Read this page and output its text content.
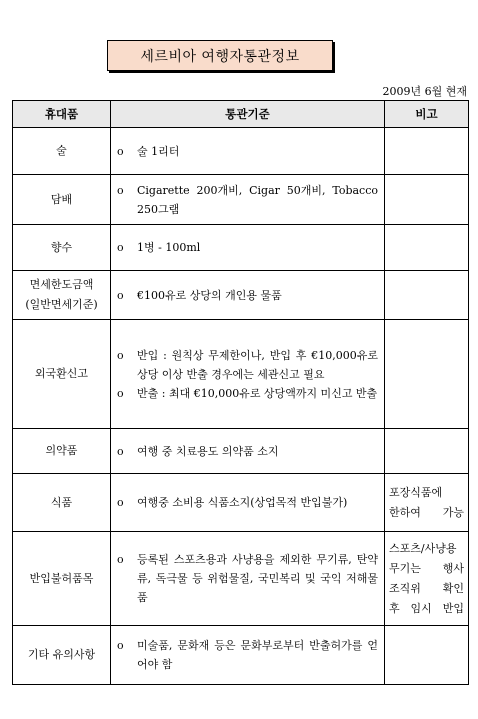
세르비아 여행자통관정보
2009년 6월 현재
휴대품	통관기준	비고

술	o 술 1리터	

담배	o Cigarette 200개비, Cigar 50개비, Tobacco 250그램	

향수	o 1병 - 100ml	

면세한도금액
(일반면세기준)	o €100유로 상당의 개인용 물품	

외국환신고	o 반입 : 원칙상 무제한이나, 반입 후 €10,000유로 상당 이상 반출 경우에는 세관신고 필요
o 반출 : 최대 €10,000유로 상당액까지 미신고 반출	

의약품	o 여행 중 치료용도 의약품 소지	

식품	o 여행중 소비용 식품소지(상업목적 반입불가)	포장식품에
한하여 가능

반입불허품목	o 등록된 스포츠용과 사냥용을 제외한 무기류, 탄약류, 독극물 등 위험물질, 국민복리 및 국익 저해물품	스포츠/사냥용
무기는 행사
조직위 확인
후 임시 반입

기타 유의사항	o 미술품, 문화재 등은 문화부로부터 반출허가를 얻어야 함	
